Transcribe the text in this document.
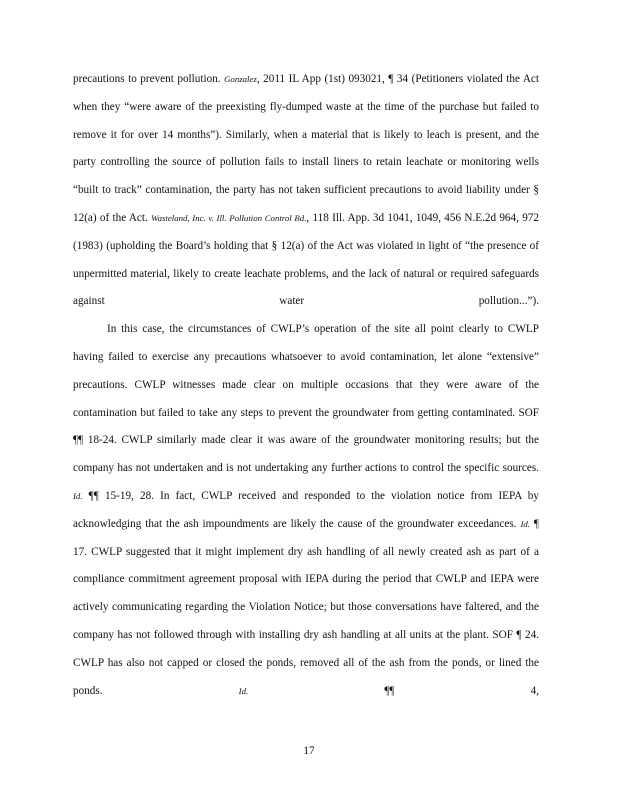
precautions to prevent pollution. Gonzalez, 2011 IL App (1st) 093021, ¶ 34 (Petitioners violated the Act when they “were aware of the preexisting fly-dumped waste at the time of the purchase but failed to remove it for over 14 months”). Similarly, when a material that is likely to leach is present, and the party controlling the source of pollution fails to install liners to retain leachate or monitoring wells “built to track” contamination, the party has not taken sufficient precautions to avoid liability under § 12(a) of the Act. Wasteland, Inc. v. Ill. Pollution Control Bd., 118 Ill. App. 3d 1041, 1049, 456 N.E.2d 964, 972 (1983) (upholding the Board’s holding that § 12(a) of the Act was violated in light of “the presence of unpermitted material, likely to create leachate problems, and the lack of natural or required safeguards against water pollution...”).

In this case, the circumstances of CWLP’s operation of the site all point clearly to CWLP having failed to exercise any precautions whatsoever to avoid contamination, let alone “extensive” precautions. CWLP witnesses made clear on multiple occasions that they were aware of the contamination but failed to take any steps to prevent the groundwater from getting contaminated. SOF ¶¶ 18-24. CWLP similarly made clear it was aware of the groundwater monitoring results; but the company has not undertaken and is not undertaking any further actions to control the specific sources. Id. ¶¶ 15-19, 28. In fact, CWLP received and responded to the violation notice from IEPA by acknowledging that the ash impoundments are likely the cause of the groundwater exceedances. Id. ¶ 17. CWLP suggested that it might implement dry ash handling of all newly created ash as part of a compliance commitment agreement proposal with IEPA during the period that CWLP and IEPA were actively communicating regarding the Violation Notice; but those conversations have faltered, and the company has not followed through with installing dry ash handling at all units at the plant. SOF ¶ 24. CWLP has also not capped or closed the ponds, removed all of the ash from the ponds, or lined the ponds. Id. ¶¶ 4,

17
